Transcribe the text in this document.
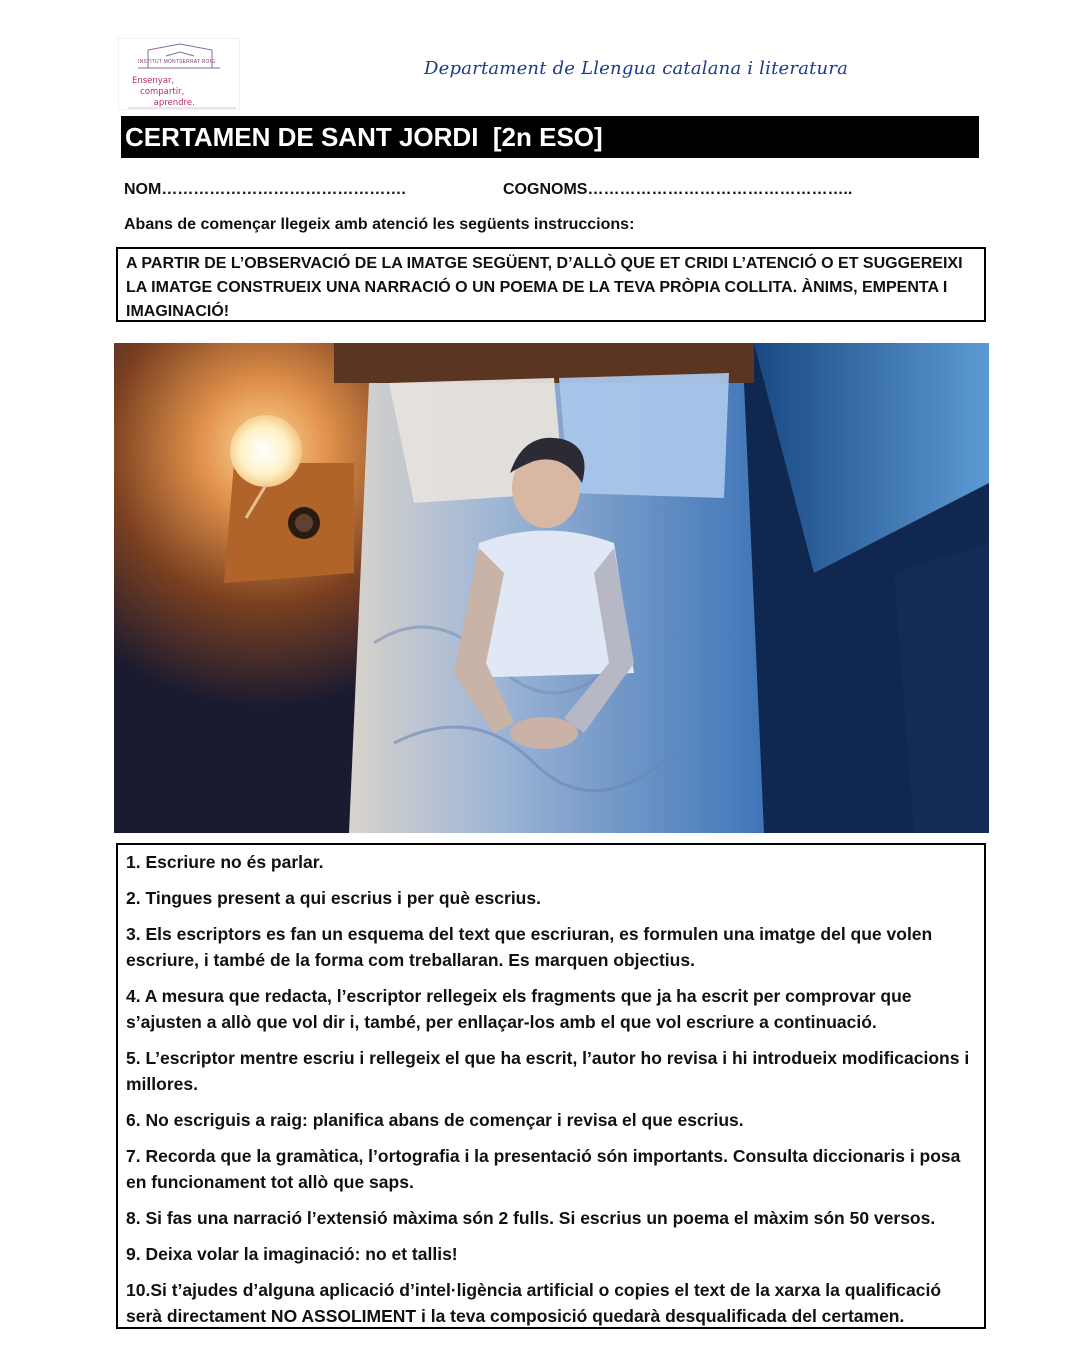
INSTITUT MONTSERRAT ROIG
Ensenyar,
compartir,
aprendre.
Departament de Llengua catalana i literatura
CERTAMEN DE SANT JORDI  [2n ESO]
NOM……………………………………….	COGNOMS…………………………………………..
Abans de començar llegeix amb atenció les següents instruccions:
A PARTIR DE L’OBSERVACIÓ DE LA IMATGE SEGÜENT, D’ALLÒ QUE ET CRIDI L’ATENCIÓ O ET SUGGEREIXI LA IMATGE CONSTRUEIX UNA NARRACIÓ O UN POEMA DE LA TEVA PRÒPIA COLLITA. ÀNIMS, EMPENTA I IMAGINACIÓ!
1. Escriure no és parlar.
2. Tingues present a qui escrius i per què escrius.
3. Els escriptors es fan un esquema del text que escriuran, es formulen una imatge del que volen escriure, i també de la forma com treballaran. Es marquen objectius.
4. A mesura que redacta, l’escriptor rellegeix els fragments que ja ha escrit per comprovar que s’ajusten a allò que vol dir i, també, per enllaçar-los amb el que vol escriure a continuació.
5. L’escriptor mentre escriu i rellegeix el que ha escrit, l’autor ho revisa i hi introdueix modificacions i millores.
6. No escriguis a raig: planifica abans de començar i revisa el que escrius.
7. Recorda que la gramàtica, l’ortografia i la presentació són importants. Consulta diccionaris i posa en funcionament tot allò que saps.
8. Si fas una narració l’extensió màxima són 2 fulls. Si escrius un poema el màxim són 50 versos.
9. Deixa volar la imaginació: no et tallis!
10.Si t’ajudes d’alguna aplicació d’intel·ligència artificial o copies el text de la xarxa la qualificació serà directament NO ASSOLIMENT i la teva composició quedarà desqualificada del certamen.
